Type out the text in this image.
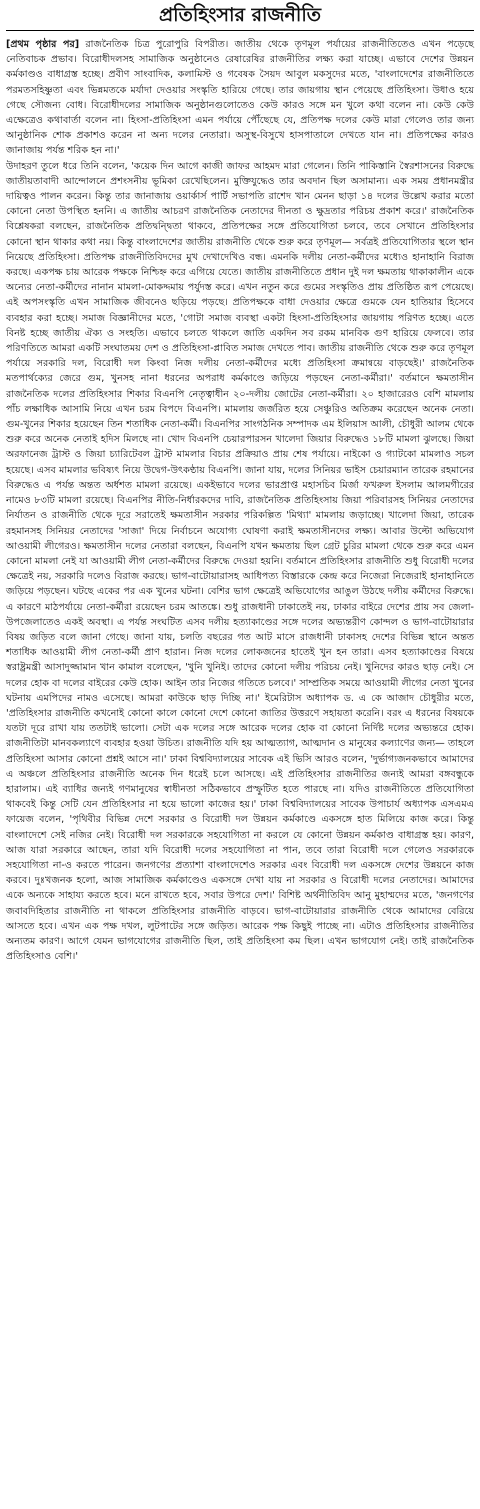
প্রতিহিংসার রাজনীতি

[প্রথম পৃষ্ঠার পর] রাজনৈতিক চিত্র পুরোপুরি বিপরীত। জাতীয় থেকে তৃণমূল পর্যায়ের রাজনীতিতেও এখন পড়েছে নেতিবাচক প্রভাব। বিরোধীদলসহ সামাজিক অনুষ্ঠানেও রেষারেষির রাজনীতির লক্ষ্য করা যাচ্ছে। এভাবে দেশের উন্নয়ন কর্মকাণ্ডও বাধাগ্রস্ত হচ্ছে। প্রবীণ সাংবাদিক, কলামিস্ট ও গবেষক সৈয়দ আবুল মকসুদের মতে, 'বাংলাদেশের রাজনীতিতে পরমতসহিষ্ণুতা এবং ভিন্নমতকে মর্যাদা দেওয়ার সংস্কৃতি হারিয়ে গেছে। তার জায়গায় স্থান পেয়েছে প্রতিহিংসা। উধাও হয়ে গেছে সৌজন্য বোধ। বিরোধীদলের সামাজিক অনুষ্ঠানগুলোতেও কেউ কারও সঙ্গে মন খুলে কথা বলেন না। কেউ কেউ এক্ষেত্রেও কথাবার্তা বলেন না। হিংসা-প্রতিহিংসা এমন পর্যায়ে পৌঁছেছে যে, প্রতিপক্ষ দলের কেউ মারা গেলেও তার জন্য আনুষ্ঠানিক শোক প্রকাশও করেন না অন্য দলের নেতারা। অসুস্থ-বিসুখে হাসপাতালে দেখতে যান না। প্রতিপক্ষের কারও জানাজায় পর্যন্ত শরিক হন না।'

উদাহরণ তুলে ধরে তিনি বলেন, 'কয়েক দিন আগে কাজী জাফর আহমদ মারা গেলেন। তিনি পাকিস্তানি স্বৈরশাসনের বিরুদ্ধে জাতীয়তাবাদী আন্দোলনে প্রশংসনীয় ভূমিকা রেখেছিলেন। মুক্তিযুদ্ধেও তার অবদান ছিল অসামান্য। এক সময় প্রধানমন্ত্রীর দায়িত্বও পালন করেন। কিন্তু তার জানাজায় ওয়ার্কার্স পার্টি সভাপতি রাশেদ খান মেনন ছাড়া ১৪ দলের উল্লেখ করার মতো কোনো নেতা উপস্থিত হননি। এ জাতীয় আচরণ রাজনৈতিক নেতাদের দীনতা ও ক্ষুদ্রতার পরিচয় প্রকাশ করে।' রাজনৈতিক বিশ্লেষকরা বলছেন, রাজনৈতিক প্রতিদ্বন্দ্বিতা থাকবে, প্রতিপক্ষের সঙ্গে প্রতিযোগিতা চলবে, তবে সেখানে প্রতিহিংসার কোনো স্থান থাকার কথা নয়। কিন্তু বাংলাদেশের জাতীয় রাজনীতি থেকে শুরু করে তৃণমূল— সর্বত্রই প্রতিযোগিতার স্থলে স্থান নিয়েছে প্রতিহিংসা। প্রতিপক্ষ রাজনীতিবিদদের মুখ দেখাদেখিও বন্ধ। এমনকি দলীয় নেতা-কর্মীদের মধ্যেও হানাহানি বিরাজ করছে। একপক্ষ চায় আরেক পক্ষকে নিশ্চিহ্ন করে এগিয়ে যেতে। জাতীয় রাজনীতিতে প্রধান দুই দল ক্ষমতায় থাকাকালীন একে অন্যের নেতা-কর্মীদের নানান মামলা-মোকদ্দমায় পর্যুদস্ত করে। এখন নতুন করে গুমের সংস্কৃতিও প্রায় প্রতিষ্ঠিত রূপ পেয়েছে। এই অপসংস্কৃতি এখন সামাজিক জীবনেও ছড়িয়ে পড়ছে। প্রতিপক্ষকে বাধা দেওয়ার ক্ষেত্রে গুমকে যেন হাতিয়ার হিসেবে ব্যবহার করা হচ্ছে। সমাজ বিজ্ঞানীদের মতে, 'গোটা সমাজ ব্যবস্থা একটা হিংসা-প্রতিহিংসার জায়গায় পরিণত হচ্ছে। এতে বিনষ্ট হচ্ছে জাতীয় ঐক্য ও সংহতি। এভাবে চলতে থাকলে জাতি একদিন সব রকম মানবিক গুণ হারিয়ে ফেলবে। তার পরিণতিতে আমরা একটি সংঘাতময় দেশ ও প্রতিহিংসা-প্লাবিত সমাজ দেখতে পাব। জাতীয় রাজনীতি থেকে শুরু করে তৃণমূল পর্যায়ে সরকারি দল, বিরোধী দল কিংবা নিজ দলীয় নেতা-কর্মীদের মধ্যে প্রতিহিংসা ক্রমান্বয়ে বাড়ছেই।' রাজনৈতিক মতপার্থক্যের জেরে গুম, খুনসহ নানা ধরনের অপরাধ কর্মকাণ্ডে জড়িয়ে পড়ছেন নেতা-কর্মীরা।' বর্তমানে ক্ষমতাসীন রাজনৈতিক দলের প্রতিহিংসার শিকার বিএনপি নেতৃত্বাধীন ২০-দলীয় জোটের নেতা-কর্মীরা। ২০ হাজারেরও বেশি মামলায় পাঁচ লক্ষাধিক আসামি নিয়ে এখন চরম বিপদে বিএনপি। মামলায় জর্জরিত হয়ে সেঞ্চুরিও অতিক্রম করেছেন অনেক নেতা। গুম-খুনের শিকার হয়েছেন তিন শতাধিক নেতা-কর্মী। বিএনপির সাংগঠনিক সম্পাদক এম ইলিয়াস আলী, চৌধুরী আলম থেকে শুরু করে অনেক নেতাই হদিস মিলছে না। খোদ বিএনপি চেয়ারপারসন খালেদা জিয়ার বিরুদ্ধেও ১৮টি মামলা ঝুলছে। জিয়া অরফানেজ ট্রাস্ট ও জিয়া চ্যারিটেবল ট্রাস্ট মামলার বিচার প্রক্রিয়াও প্রায় শেষ পর্যায়ে। নাইকো ও গ্যাটকো মামলাও সচল হয়েছে। এসব মামলার ভবিষ্যৎ নিয়ে উদ্বেগ-উৎকণ্ঠায় বিএনপি। জানা যায়, দলের সিনিয়র ভাইস চেয়ারম্যান তারেক রহমানের বিরুদ্ধেও এ পর্যন্ত অন্তত অর্ধশত মামলা রয়েছে। একইভাবে দলের ভারপ্রাপ্ত মহাসচিব মির্জা ফখরুল ইসলাম আলমগীরের নামেও ৮৩টি মামলা রয়েছে। বিএনপির নীতি-নির্ধারকদের দাবি, রাজনৈতিক প্রতিহিংসায় জিয়া পরিবারসহ সিনিয়র নেতাদের নির্যাতন ও রাজনীতি থেকে দূরে সরাতেই ক্ষমতাসীন সরকার পরিকল্পিত 'মিথ্যা' মামলায় জড়াচ্ছে। খালেদা জিয়া, তারেক রহমানসহ সিনিয়র নেতাদের 'সাজা' দিয়ে নির্বাচনে অযোগ্য ঘোষণা করাই ক্ষমতাসীনদের লক্ষ্য। আবার উল্টো অভিযোগ আওয়ামী লীগেরও। ক্ষমতাসীন দলের নেতারা বলছেন, বিএনপি যখন ক্ষমতায় ছিল গ্রেট চুরির মামলা থেকে শুরু করে এমন কোনো মামলা নেই যা আওয়ামী লীগ নেতা-কর্মীদের বিরুদ্ধে দেওয়া হয়নি। বর্তমানে প্রতিহিংসার রাজনীতি শুধু বিরোধী দলের ক্ষেত্রেই নয়, সরকারি দলেও বিরাজ করছে। ভাগ-বাটোয়ারাসহ আধিপত্য বিস্তারকে কেন্দ্র করে নিজেরা নিজেরাই হানাহানিতে জড়িয়ে পড়ছেন। ঘটছে একের পর এক খুনের ঘটনা। বেশির ভাগ ক্ষেত্রেই অভিযোগের আঙুল উঠছে দলীয় কর্মীদের বিরুদ্ধে। এ কারণে মাঠপর্যায়ে নেতা-কর্মীরা রয়েছেন চরম আতঙ্কে। শুধু রাজধানী ঢাকাতেই নয়, ঢাকার বাইরে দেশের প্রায় সব জেলা-উপজেলাতেও একই অবস্থা। এ পর্যন্ত সংঘটিত এসব দলীয় হত্যাকাণ্ডের সঙ্গে দলের অভ্যন্তরীণ কোন্দল ও ভাগ-বাটোয়ারার বিষয় জড়িত বলে জানা গেছে। জানা যায়, চলতি বছরের গত আট মাসে রাজধানী ঢাকাসহ দেশের বিভিন্ন স্থানে অন্তত শতাধিক আওয়ামী লীগ নেতা-কর্মী প্রাণ হারান। নিজ দলের লোকজনের হাতেই খুন হন তারা। এসব হত্যাকাণ্ডের বিষয়ে স্বরাষ্ট্রমন্ত্রী আসাদুজ্জামান খান কামাল বলেছেন, 'খুনি খুনিই। তাদের কোনো দলীয় পরিচয় নেই। খুনিদের কারও ছাড় নেই। সে দলের হোক বা দলের বাইরের কেউ হোক। আইন তার নিজের গতিতে চলবে।' সাম্প্রতিক সময়ে আওয়ামী লীগের নেতা খুনের ঘটনায় এমপিদের নামও এসেছে। আমরা কাউকে ছাড় দিচ্ছি না।' ইমেরিটাস অধ্যাপক ড. এ কে আজাদ চৌধুরীর মতে, 'প্রতিহিংসার রাজনীতি কখনোই কোনো কালে কোনো দেশে কোনো জাতির উত্তরণে সহায়তা করেনি। বরং এ ধরনের বিষয়কে যতটা দূরে রাখা যায় ততটাই ভালো। সেটা এক দলের সঙ্গে আরেক দলের হোক বা কোনো নির্দিষ্ট দলের অভ্যন্তরে হোক। রাজনীতিটা মানবকল্যাণে ব্যবহার হওয়া উচিত। রাজনীতি যদি হয় আত্মত্যাগ, আত্মদান ও মানুষের কল্যাণের জন্য— তাহলে প্রতিহিংসা আসার কোনো প্রশ্নই আসে না।' ঢাকা বিশ্ববিদ্যালয়ের সাবেক এই ভিসি আরও বলেন, 'দুর্ভাগ্যজনকভাবে আমাদের এ অঞ্চলে প্রতিহিংসার রাজনীতি অনেক দিন ধরেই চলে আসছে। এই প্রতিহিংসার রাজনীতির জন্যই আমরা বঙ্গবন্ধুকে হারালাম। এই ব্যাধির জন্যই গণমানুষের স্বাধীনতা সঠিকভাবে প্রস্ফুটিত হতে পারছে না। যদিও রাজনীতিতে প্রতিযোগিতা থাকবেই কিন্তু সেটি যেন প্রতিহিংসার না হয়ে ভালো কাজের হয়।' ঢাকা বিশ্ববিদ্যালয়ের সাবেক উপাচার্য অধ্যাপক এসএমএ ফায়েজ বলেন, 'পৃথিবীর বিভিন্ন দেশে সরকার ও বিরোধী দল উন্নয়ন কর্মকাণ্ডে একসঙ্গে হাত মিলিয়ে কাজ করে। কিন্তু বাংলাদেশে সেই নজির নেই। বিরোধী দল সরকারকে সহযোগিতা না করলে যে কোনো উন্নয়ন কর্মকাণ্ড বাধাগ্রস্ত হয়। কারণ, আজ যারা সরকারে আছেন, তারা যদি বিরোধী দলের সহযোগিতা না পান, তবে তারা বিরোধী দলে গেলেও সরকারকে সহযোগিতা না-ও করতে পারেন। জনগণের প্রত্যাশা বাংলাদেশেও সরকার এবং বিরোধী দল একসঙ্গে দেশের উন্নয়নে কাজ করবে। দুঃখজনক হলো, আজ সামাজিক কর্মকাণ্ডেও একসঙ্গে দেখা যায় না সরকার ও বিরোধী দলের নেতাদের। আমাদের একে অন্যকে সাহায্য করতে হবে। মনে রাখতে হবে, সবার উপরে দেশ।' বিশিষ্ট অর্থনীতিবিদ আনু মুহাম্মদের মতে, 'জনগণের জবাবদিহিতার রাজনীতি না থাকলে প্রতিহিংসার রাজনীতি বাড়বে। ভাগ-বাটোয়ারার রাজনীতি থেকে আমাদের বেরিয়ে আসতে হবে। এখন এক পক্ষ দখল, লুটপাটের সঙ্গে জড়িত। আরেক পক্ষ কিছুই পাচ্ছে না। এটাও প্রতিহিংসার রাজনীতির অন্যতম কারণ। আগে যেমন ভাগযোগের রাজনীতি ছিল, তাই প্রতিহিংসা কম ছিল। এখন ভাগযোগ নেই। তাই রাজনৈতিক প্রতিহিংসাও বেশি।'
